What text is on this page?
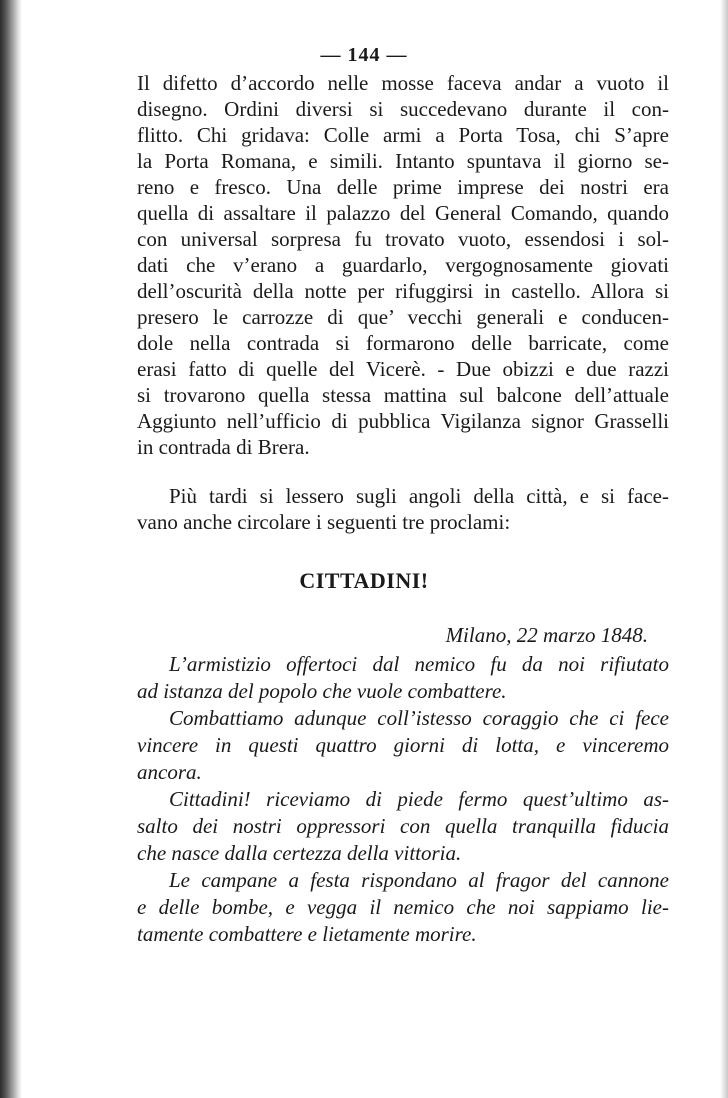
— 144 —

Il difetto d’accordo nelle mosse faceva andar a vuoto il
disegno. Ordini diversi si succedevano durante il con-
flitto. Chi gridava: Colle armi a Porta Tosa, chi S’apre
la Porta Romana, e simili. Intanto spuntava il giorno se-
reno e fresco. Una delle prime imprese dei nostri era
quella di assaltare il palazzo del General Comando, quando
con universal sorpresa fu trovato vuoto, essendosi i sol-
dati che v’erano a guardarlo, vergognosamente giovati
dell’oscurità della notte per rifuggirsi in castello. Allora si
presero le carrozze di que’ vecchi generali e conducen-
dole nella contrada si formarono delle barricate, come
erasi fatto di quelle del Vicerè. - Due obizzi e due razzi
si trovarono quella stessa mattina sul balcone dell’attuale
Aggiunto nell’ufficio di pubblica Vigilanza signor Grasselli
in contrada di Brera.
Più tardi si lessero sugli angoli della città, e si face-
vano anche circolare i seguenti tre proclami:

CITTADINI!

Milano, 22 marzo 1848.

L’armistizio offertoci dal nemico fu da noi rifiutato
ad istanza del popolo che vuole combattere.
Combattiamo adunque coll’istesso coraggio che ci fece
vincere in questi quattro giorni di lotta, e vinceremo
ancora.
Cittadini! riceviamo di piede fermo quest’ultimo as-
salto dei nostri oppressori con quella tranquilla fiducia
che nasce dalla certezza della vittoria.
Le campane a festa rispondano al fragor del cannone
e delle bombe, e vegga il nemico che noi sappiamo lie-
tamente combattere e lietamente morire.
